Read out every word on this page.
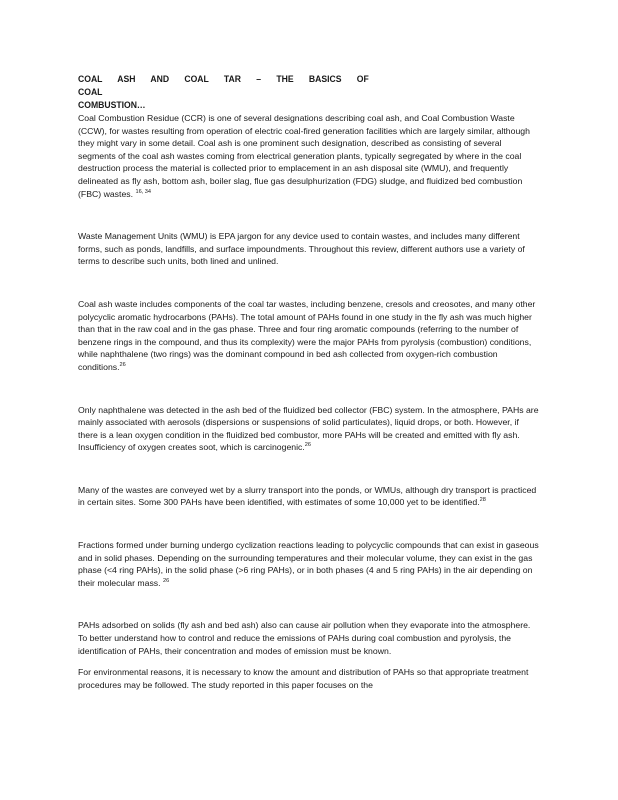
COAL ASH AND COAL TAR – THE BASICS OF COAL
COMBUSTION…

Coal Combustion Residue (CCR) is one of several designations describing coal ash, and Coal Combustion Waste (CCW), for wastes resulting from operation of electric coal-fired generation facilities which are largely similar, although they might vary in some detail. Coal ash is one prominent such designation, described as consisting of several segments of the coal ash wastes coming from electrical generation plants, typically segregated by where in the coal destruction process the material is collected prior to emplacement in an ash disposal site (WMU), and frequently delineated as fly ash, bottom ash, boiler slag, flue gas desulphurization (FDG) sludge, and fluidized bed combustion (FBC) wastes. $^{16, 34}$

Waste Management Units (WMU) is EPA jargon for any device used to contain wastes, and includes many different forms, such as ponds, landfills, and surface impoundments. Throughout this review, different authors use a variety of terms to describe such units, both lined and unlined.

Coal ash waste includes components of the coal tar wastes, including benzene, cresols and creosotes, and many other polycyclic aromatic hydrocarbons (PAHs). The total amount of PAHs found in one study in the fly ash was much higher than that in the raw coal and in the gas phase. Three and four ring aromatic compounds (referring to the number of benzene rings in the compound, and thus its complexity) were the major PAHs from pyrolysis (combustion) conditions, while naphthalene (two rings) was the dominant compound in bed ash collected from oxygen-rich combustion conditions.$^{26}$

Only naphthalene was detected in the ash bed of the fluidized bed collector (FBC) system. In the atmosphere, PAHs are mainly associated with aerosols (dispersions or suspensions of solid particulates), liquid drops, or both. However, if there is a lean oxygen condition in the fluidized bed combustor, more PAHs will be created and emitted with fly ash. Insufficiency of oxygen creates soot, which is carcinogenic.$^{26}$

Many of the wastes are conveyed wet by a slurry transport into the ponds, or WMUs, although dry transport is practiced in certain sites. Some 300 PAHs have been identified, with estimates of some 10,000 yet to be identified.$^{28}$

Fractions formed under burning undergo cyclization reactions leading to polycyclic compounds that can exist in gaseous and in solid phases. Depending on the surrounding temperatures and their molecular volume, they can exist in the gas phase (<4 ring PAHs), in the solid phase (>6 ring PAHs), or in both phases (4 and 5 ring PAHs) in the air depending on their molecular mass. $^{26}$

PAHs adsorbed on solids (fly ash and bed ash) also can cause air pollution when they evaporate into the atmosphere. To better understand how to control and reduce the emissions of PAHs during coal combustion and pyrolysis, the identification of PAHs, their concentration and modes of emission must be known.

For environmental reasons, it is necessary to know the amount and distribution of PAHs so that appropriate treatment procedures may be followed. The study reported in this paper focuses on the
